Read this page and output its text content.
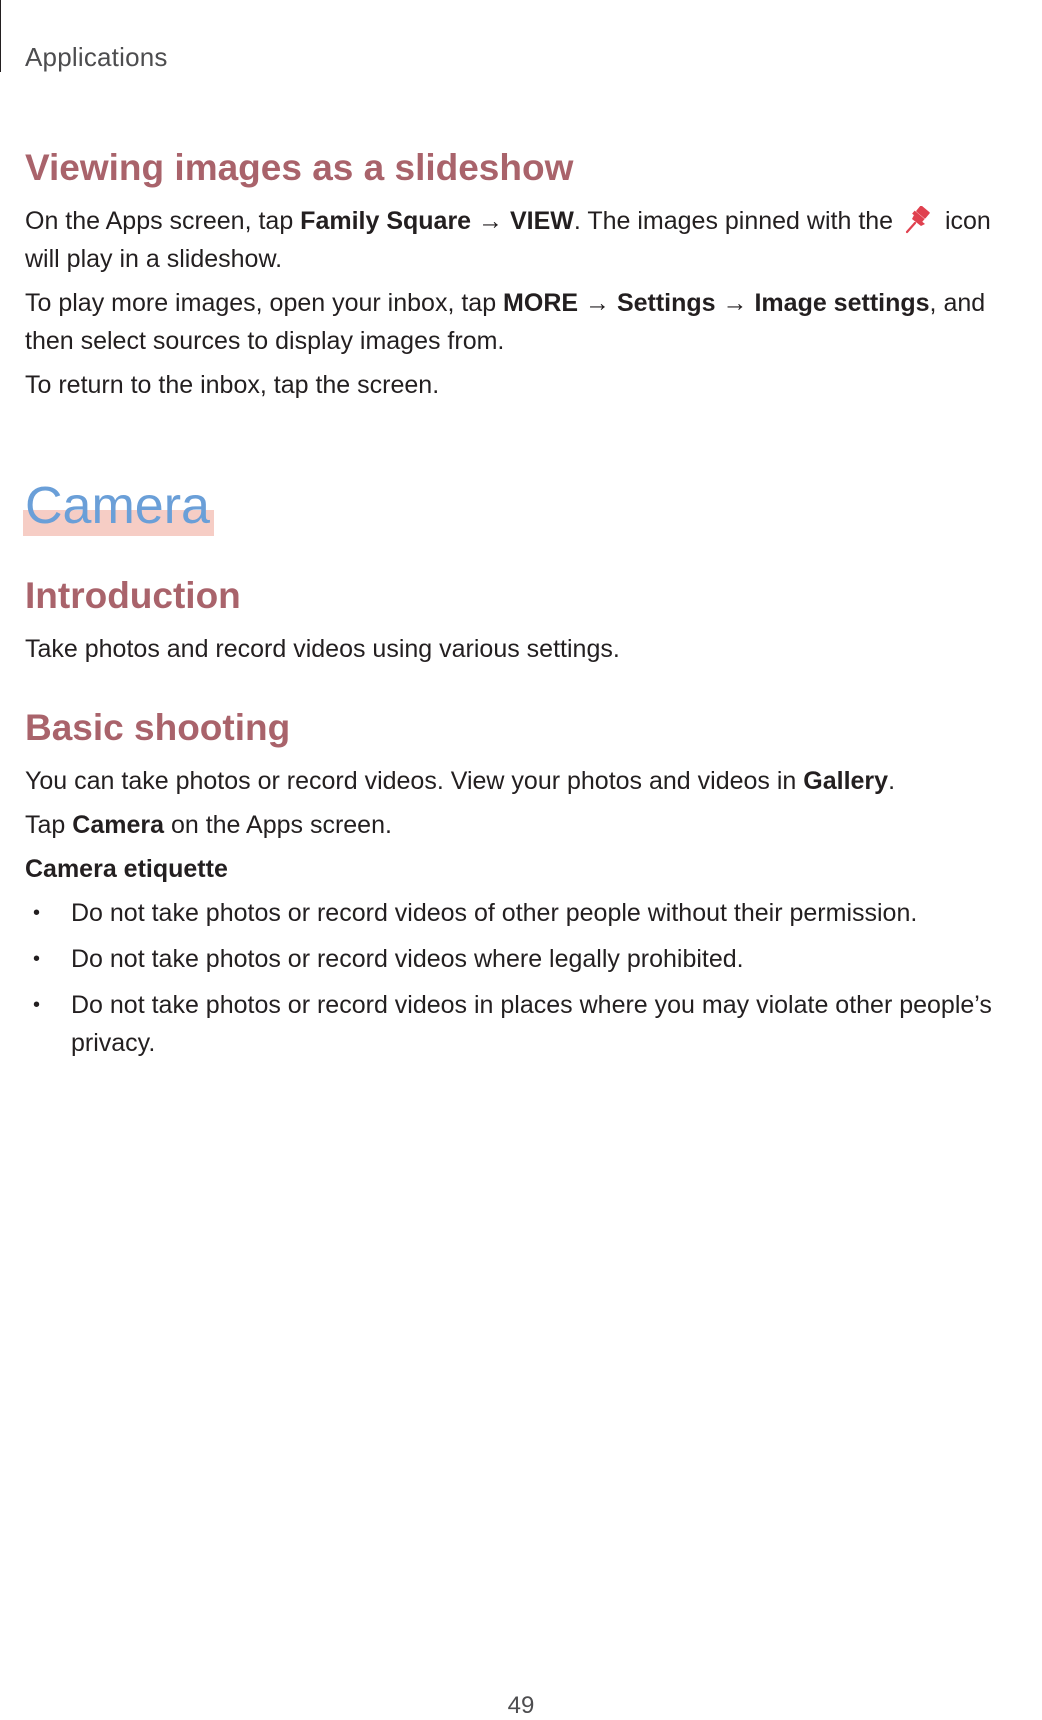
Applications
Viewing images as a slideshow

On the Apps screen, tap Family Square → VIEW. The images pinned with the  icon will play in a slideshow.

To play more images, open your inbox, tap MORE → Settings → Image settings, and then select sources to display images from.

To return to the inbox, tap the screen.

Camera
Introduction

Take photos and record videos using various settings.

Basic shooting

You can take photos or record videos. View your photos and videos in Gallery.

Tap Camera on the Apps screen.

Camera etiquette

• Do not take photos or record videos of other people without their permission.
• Do not take photos or record videos where legally prohibited.
• Do not take photos or record videos in places where you may violate other people’s privacy.
49
